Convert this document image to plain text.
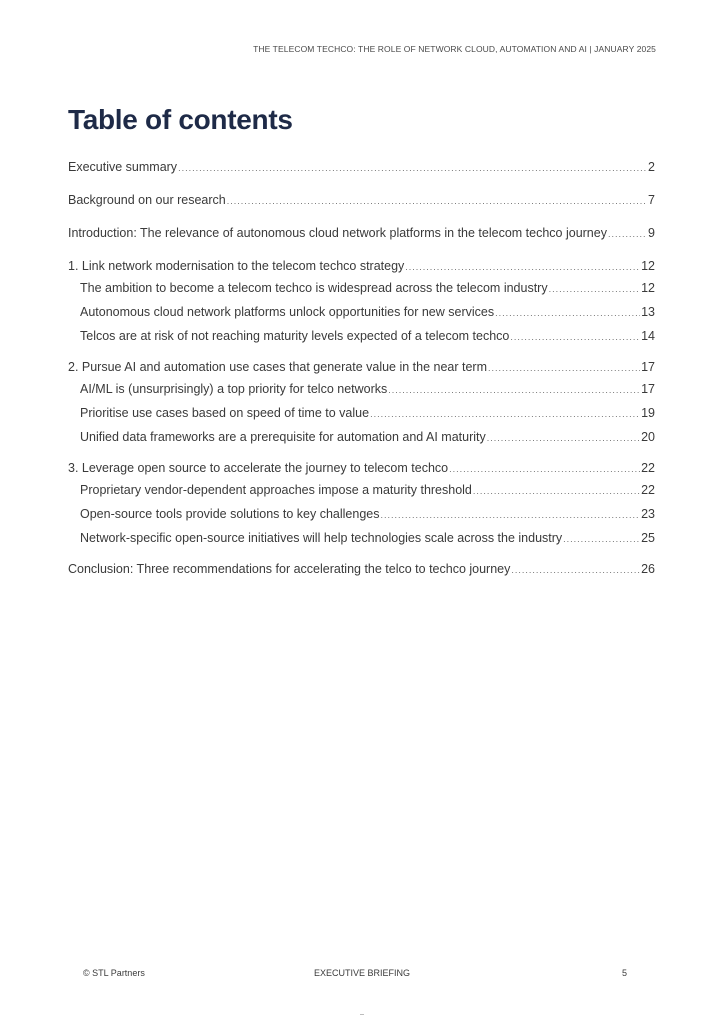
THE TELECOM TECHCO: THE ROLE OF NETWORK CLOUD, AUTOMATION AND AI | JANUARY 2025
Table of contents
Executive summary .....	2
Background on our research .....	7
Introduction: The relevance of autonomous cloud network platforms in the telecom techco journey .....	9
1. Link network modernisation to the telecom techco strategy .....	12
The ambition to become a telecom techco is widespread across the telecom industry .....	12
Autonomous cloud network platforms unlock opportunities for new services .....	13
Telcos are at risk of not reaching maturity levels expected of a telecom techco .....	14
2. Pursue AI and automation use cases that generate value in the near term .....	17
AI/ML is (unsurprisingly) a top priority for telco networks .....	17
Prioritise use cases based on speed of time to value .....	19
Unified data frameworks are a prerequisite for automation and AI maturity .....	20
3. Leverage open source to accelerate the journey to telecom techco .....	22
Proprietary vendor-dependent approaches impose a maturity threshold .....	22
Open-source tools provide solutions to key challenges .....	23
Network-specific open-source initiatives will help technologies scale across the industry .....	25
Conclusion: Three recommendations for accelerating the telco to techco journey .....	26
© STL Partners	EXECUTIVE BRIEFING	5
